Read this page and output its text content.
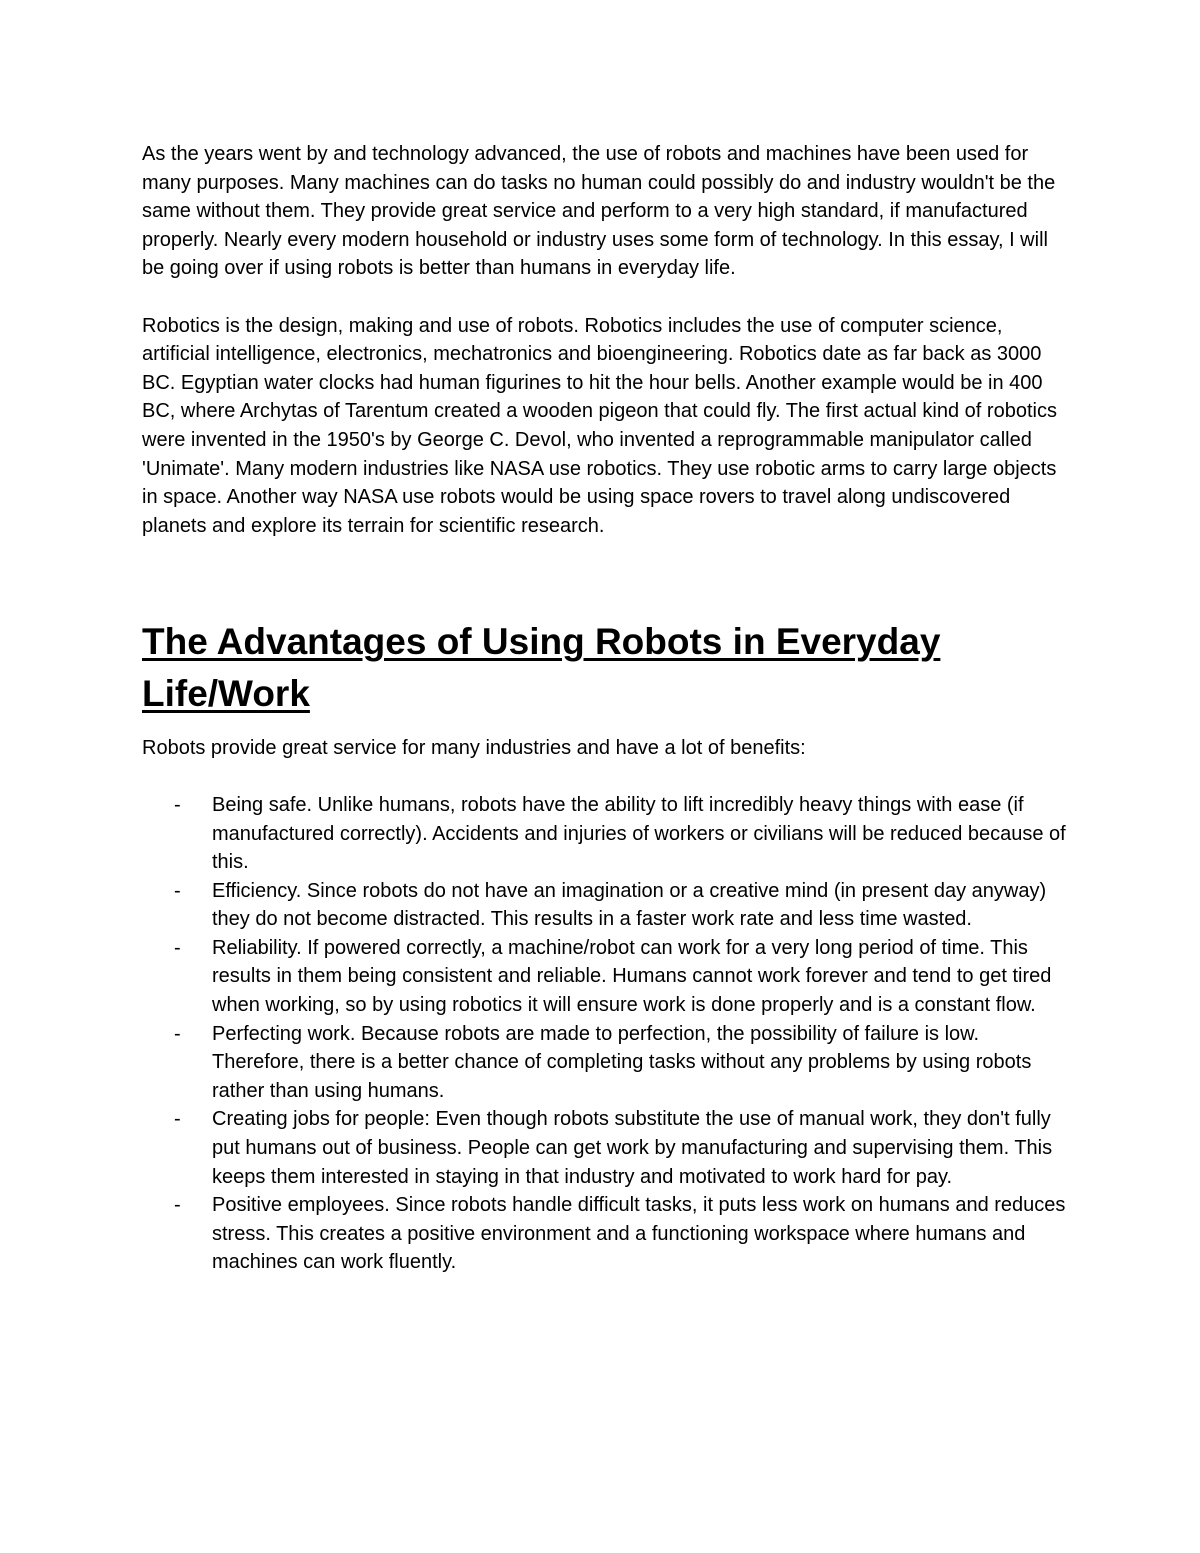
As the years went by and technology advanced, the use of robots and machines have been used for many purposes. Many machines can do tasks no human could possibly do and industry wouldn't be the same without them. They provide great service and perform to a very high standard, if manufactured properly. Nearly every modern household or industry uses some form of technology. In this essay, I will be going over if using robots is better than humans in everyday life.

Robotics is the design, making and use of robots. Robotics includes the use of computer science, artificial intelligence, electronics, mechatronics and bioengineering. Robotics date as far back as 3000 BC. Egyptian water clocks had human figurines to hit the hour bells. Another example would be in 400 BC, where Archytas of Tarentum created a wooden pigeon that could fly. The first actual kind of robotics were invented in the 1950's by George C. Devol, who invented a reprogrammable manipulator called 'Unimate'. Many modern industries like NASA use robotics. They use robotic arms to carry large objects in space. Another way NASA use robots would be using space rovers to travel along undiscovered planets and explore its terrain for scientific research.

The Advantages of Using Robots in Everyday Life/Work

Robots provide great service for many industries and have a lot of benefits:

- Being safe. Unlike humans, robots have the ability to lift incredibly heavy things with ease (if manufactured correctly). Accidents and injuries of workers or civilians will be reduced because of this.
- Efficiency. Since robots do not have an imagination or a creative mind (in present day anyway) they do not become distracted. This results in a faster work rate and less time wasted.
- Reliability. If powered correctly, a machine/robot can work for a very long period of time. This results in them being consistent and reliable. Humans cannot work forever and tend to get tired when working, so by using robotics it will ensure work is done properly and is a constant flow.
- Perfecting work. Because robots are made to perfection, the possibility of failure is low. Therefore, there is a better chance of completing tasks without any problems by using robots rather than using humans.
- Creating jobs for people: Even though robots substitute the use of manual work, they don't fully put humans out of business. People can get work by manufacturing and supervising them. This keeps them interested in staying in that industry and motivated to work hard for pay.
- Positive employees. Since robots handle difficult tasks, it puts less work on humans and reduces stress. This creates a positive environment and a functioning workspace where humans and machines can work fluently.
